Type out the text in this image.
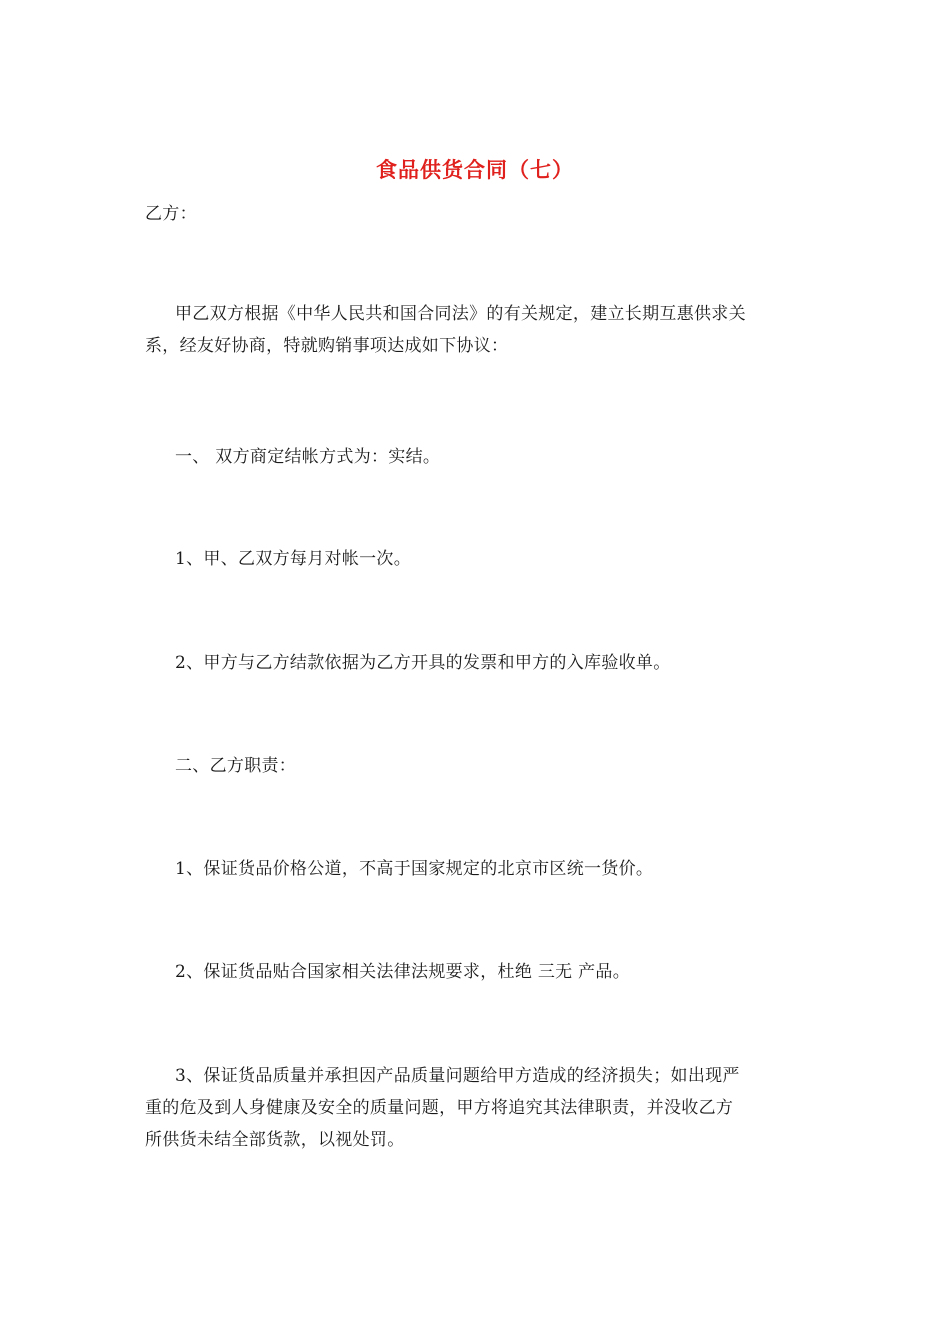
食品供货合同（七）
乙方：
甲乙双方根据《中华人民共和国合同法》的有关规定，建立长期互惠供求关
系，经友好协商，特就购销事项达成如下协议：
一、 双方商定结帐方式为：实结。
1、甲、乙双方每月对帐一次。
2、甲方与乙方结款依据为乙方开具的发票和甲方的入库验收单。
二、乙方职责：
1、保证货品价格公道，不高于国家规定的北京市区统一货价。
2、保证货品贴合国家相关法律法规要求，杜绝 三无 产品。
3、保证货品质量并承担因产品质量问题给甲方造成的经济损失；如出现严
重的危及到人身健康及安全的质量问题，甲方将追究其法律职责，并没收乙方
所供货未结全部货款，以视处罚。
